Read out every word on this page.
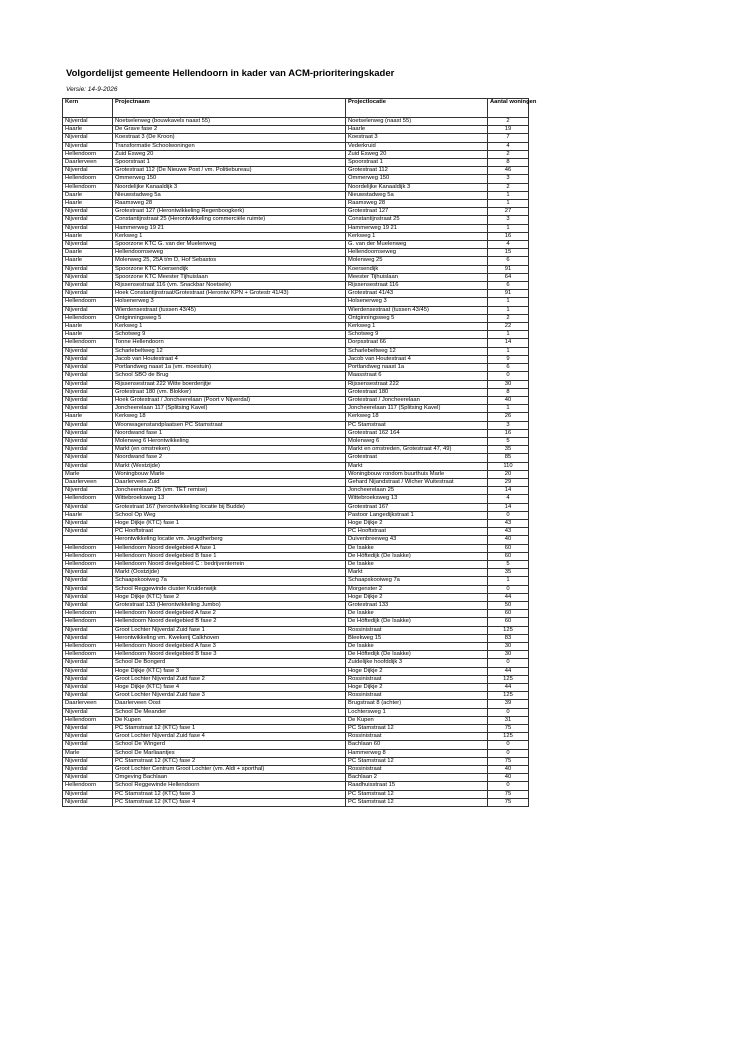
Volgordelijst gemeente Hellendoorn in kader van ACM-prioriteringskader
Versie: 14-9-2026
Kern	Projectnaam	Projectlocatie	Aantal woningen
Nijverdal	Noetselerweg (bouwkavels naast 55)	Noetselerweg (naast 55)	2
Haarle	De Grave fase 2	Haarle	19
Nijverdal	Koestraat 3 (De Kroon)	Koestraat 3	7
Nijverdal	Transformatie Schoolwoningen	Vederkruid	4
Hellendoorn	Zuid Esweg 20	Zuid Esweg 20	2
Daarlerveen	Spoorstraat 1	Spoorstraat 1	8
Nijverdal	Grotestraat 112 (De Nieuwe Post / vm. Politiebureau)	Grotestraat 112	46
Hellendoorn	Ommerweg 150	Ommerweg 150	3
Hellendoorn	Noordelijke Kanaaldijk 3	Noordelijke Kanaaldijk 3	2
Daarle	Nieuwstadweg 5a	Nieuwstadweg 5a	1
Haarle	Raamsweg 28	Raamsweg 28	1
Nijverdal	Grotestraat 127 (Herontwikkeling Regenboogkerk)	Grotestraat 127	27
Nijverdal	Constantijnstraat 25 (Herontwikkeling commerciële ruimte)	Constantijnstraat 25	3
Nijverdal	Hammerweg 19 21	Hammerweg 19 21	1
Haarle	Kerkweg 1	Kerkweg 1	16
Nijverdal	Spoorzone KTC G. van der Muelenweg	G. van der Muelenweg	4
Daarle	Hellendoornseweg	Hellendoornseweg	15
Haarle	Molenweg 25, 25A t/m D, Hof Sebastos	Molenweg 25	6
Nijverdal	Spoorzone KTC Koersendijk	Koersendijk	91
Nijverdal	Spoorzone KTC Meester Tijhuislaan	Meester Tijhuislaan	64
Nijverdal	Rijssensestraat 116 (vm. Snackbar Noetsele)	Rijssensestraat 116	6
Nijverdal	Hoek Constantijnstraat/Grotestraat (Herontw KPN + Grotestr 41/43)	Grotestraat 41/43	91
Hellendoorn	Holsenerweg 3	Holsenerweg 3	1
Nijverdal	Wierdensestraat (tussen 43/45)	Wierdensestraat (tussen 43/45)	1
Hellendoorn	Ontginningsweg 5	Ontginningsweg 5	2
Haarle	Kerkweg 1	Kerkweg 1	22
Haarle	Schotweg 9	Schotweg 9	1
Hellendoorn	Tonne Hellendoorn	Dorpsstraat 66	14
Nijverdal	Scharlebeltweg 12	Scharlebeltweg 12	1
Nijverdal	Jacob van Houtestraat 4	Jacob van Houtestraat 4	9
Nijverdal	Portlandweg naast 1a (vm. moestuin)	Portlandweg naast 1a	6
Nijverdal	School SBO de Brug	Maasstraat 6	0
Nijverdal	Rijssensestraat 222 Witte boerderijtje	Rijssensestraat 222	30
Nijverdal	Grotestraat 180 (vm. Blokker)	Grotestraat 180	8
Nijverdal	Hoek Grotestraat / Joncheerelaan (Poort v Nijverdal)	Grotestraat / Joncheerelaan	40
Nijverdal	Joncheerelaan 117 (Splitsing Kavel)	Joncheerelaan 117 (Splitsing Kavel)	1
Haarle	Kerkweg 18	Kerkweg 18	26
Nijverdal	Woonwagenstandplaatsen PC Stamstraat	PC Stamstraat	3
Nijverdal	Noordwand fase 1	Grotestraat 162 164	16
Nijverdal	Molenweg 6 Herontwikkeling	Molenweg 6	5
Nijverdal	Markt (en omstreken)	Markt en omstreden, Grotestraat 47, 49)	35
Nijverdal	Noordwand fase 2	Grotestraat	85
Nijverdal	Markt (Westzijde)	Markt	110
Marle	Woningbouw Marle	Woningbouw rondom buurthuis Marle	20
Daarlerveen	Daarlerveen Zuid	Gehard Nijandstraat / Wicher Wuitestraat	29
Nijverdal	Joncheerelaan 25 (vm. TET remise)	Joncheerelaan 25	14
Hellendoorn	Wittebroeksweg 13	Wittebroeksweg 13	4
Nijverdal	Grotestraat 167 (herontwikkeling locatie bij Budde)	Grotestraat 167	14
Haarle	School Op Weg	Pastoor Langedijkstraat 1	0
Nijverdal	Hoge Dijkje (KTC) fase 1	Hoge Dijkje 2	43
Nijverdal	PC Hooftstraat	PC Hooftstraat	43
	Herontwikkeling locatie vm. Jeugdherberg	Duivenbreeweg 43	40
Hellendoorn	Hellendoorn Noord deelgebied A fase 1	De Isakke	60
Hellendoorn	Hellendoorn Noord deelgebied B fase 1	De Höftedijk (De Isakke)	60
Hellendoorn	Hellendoorn Noord deelgebied C : bedrijventerrein	De Isakke	5
Nijverdal	Markt (Oostzijde)	Markt	35
Nijverdal	Schaapskooiweg 7a	Schaapskooiweg 7a	1
Nijverdal	School Reggewinde cluster Kruidenwijk	Morgenster 2	0
Nijverdal	Hoge Dijkje (KTC) fase 2	Hoge Dijkje 2	44
Nijverdal	Grotestraat 133 (Herontwikkeling Jumbo)	Grotestraat 133	50
Hellendoorn	Hellendoorn Noord deelgebied A fase 2	De Isakke	60
Hellendoorn	Hellendoorn Noord deelgebied B fase 2	De Höftedijk (De Isakke)	60
Nijverdal	Groot Lochter Nijverdal Zuid fase 1	Rossinistraat	125
Nijverdal	Herontwikkeling vm. Kwekerij Calkhoven	Bleekweg 15	83
Hellendoorn	Hellendoorn Noord deelgebied A fase 3	De Isakke	30
Hellendoorn	Hellendoorn Noord deelgebied B fase 3	De Höftedijk (De Isakke)	30
Nijverdal	School De Bongerd	Zuidelijke hoofddijk 3	0
Nijverdal	Hoge Dijkje (KTC) fase 3	Hoge Dijkje 2	44
Nijverdal	Groot Lochter Nijverdal Zuid fase 2	Rossinistraat	125
Nijverdal	Hoge Dijkje (KTC) fase 4	Hoge Dijkje 2	44
Nijverdal	Groot Lochter Nijverdal Zuid fase 3	Rossinistraat	125
Daarlerveen	Daarlerveen Oost	Brugstraat 8 (achter)	39
Nijverdal	School De Meander	Lochtersweg 1	0
Hellendoorn	De Kupen	De Kupen	31
Nijverdal	PC Stamstraat 12 (KTC) fase 1	PC Stamstraat 12	75
Nijverdal	Groot Lochter Nijverdal Zuid fase 4	Rossinistraat	125
Nijverdal	School De Wingerd	Bachlaan 60	0
Marle	School De Marliaantjes	Hammerweg 8	0
Nijverdal	PC Stamstraat 12 (KTC) fase 2	PC Stamstraat 12	75
Nijverdal	Groot Lochter Centrum Groot Lochter (vm. Aldi + sporthal)	Rossinistraat	40
Nijverdal	Omgeving Bachlaan	Bachlaan 2	40
Hellendoorn	School Reggewinde Hellendoorn	Raadhuisstraat 15	0
Nijverdal	PC Stamstraat 12 (KTC) fase 3	PC Stamstraat 12	75
Nijverdal	PC Stamstraat 12 (KTC) fase 4	PC Stamstraat 12	75
